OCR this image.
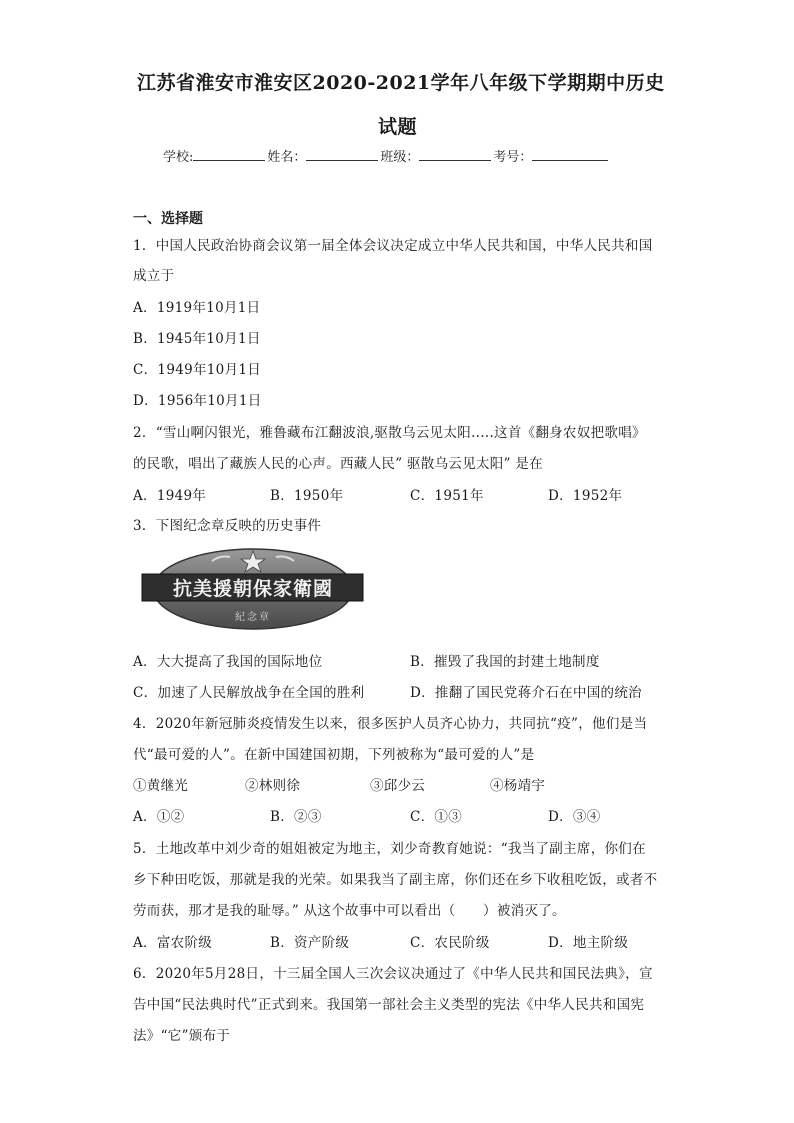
江苏省淮安市淮安区2020-2021学年八年级下学期期中历史
试题
学校:	姓名：	班级：	考号：
一、选择题
1．中国人民政治协商会议第一届全体会议决定成立中华人民共和国，中华人民共和国
成立于
A．1919年10月1日
B．1945年10月1日
C．1949年10月1日
D．1956年10月1日
2．“雪山啊闪银光，雅鲁藏布江翻波浪,驱散乌云见太阳.....这首《翻身农奴把歌唱》
的民歌，唱出了藏族人民的心声。西藏人民” 驱散乌云见太阳” 是在
A．1949年	B．1950年	C．1951年	D．1952年
3．下图纪念章反映的历史事件
抗美援朝保家衛國
紀念章
A．大大提高了我国的国际地位	B．摧毁了我国的封建土地制度
C．加速了人民解放战争在全国的胜利	D．推翻了国民党蒋介石在中国的统治
4．2020年新冠肺炎疫情发生以来，很多医护人员齐心协力，共同抗“疫”，他们是当
代“最可爱的人”。在新中国建国初期，下列被称为“最可爱的人”是
①黄继光	②林则徐	③邱少云	④杨靖宇
A．①②	B．②③	C．①③	D．③④
5．土地改革中刘少奇的姐姐被定为地主，刘少奇教育她说：“我当了副主席，你们在
乡下种田吃饭，那就是我的光荣。如果我当了副主席，你们还在乡下收租吃饭，或者不
劳而获，那才是我的耻辱。” 从这个故事中可以看出（　　）被消灭了。
A．富农阶级	B．资产阶级	C．农民阶级	D．地主阶级
6．2020年5月28日，十三届全国人三次会议决通过了《中华人民共和国民法典》，宣
告中国“民法典时代”正式到来。我国第一部社会主义类型的宪法《中华人民共和国宪
法》“它”颁布于
